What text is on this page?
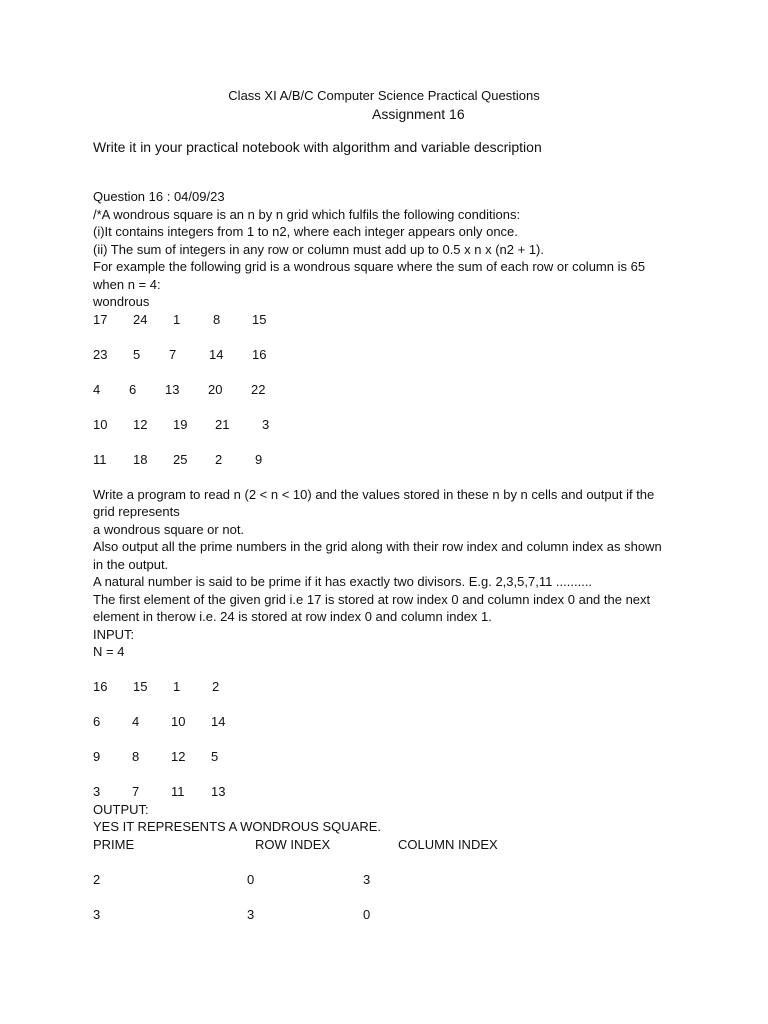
Class XI A/B/C Computer Science Practical Questions
Assignment 16
Write it in your practical notebook with algorithm and variable description
Question 16 : 04/09/23
/*A wondrous square is an n by n grid which fulfils the following conditions:
(i)It contains integers from 1 to n2, where each integer appears only once.
(ii) The sum of integers in any row or column must add up to 0.5 x n x (n2 + 1).
For example the following grid is a wondrous square where the sum of each row or column is 65
when n = 4:
wondrous
17 24 1	8 15
23 5 7	14 16
4 6 13 20 22
10 12 19 21	3
11 18 25 2	9
Write a program to read n (2 < n < 10) and the values stored in these n by n cells and output if the
grid represents
a wondrous square or not.
Also output all the prime numbers in the grid along with their row index and column index as shown
in the output.
A natural number is said to be prime if it has exactly two divisors. E.g. 2,3,5,7,11 ..........
The first element of the given grid i.e 17 is stored at row index 0 and column index 0 and the next
element in therow i.e. 24 is stored at row index 0 and column index 1.
INPUT:
N = 4
16 15 1 2
6 4 10 14
9 8 12 5
3 7 11 13
OUTPUT:
YES IT REPRESENTS A WONDROUS SQUARE.
PRIME	ROW INDEX	COLUMN INDEX
2	0	3
3	3	0
